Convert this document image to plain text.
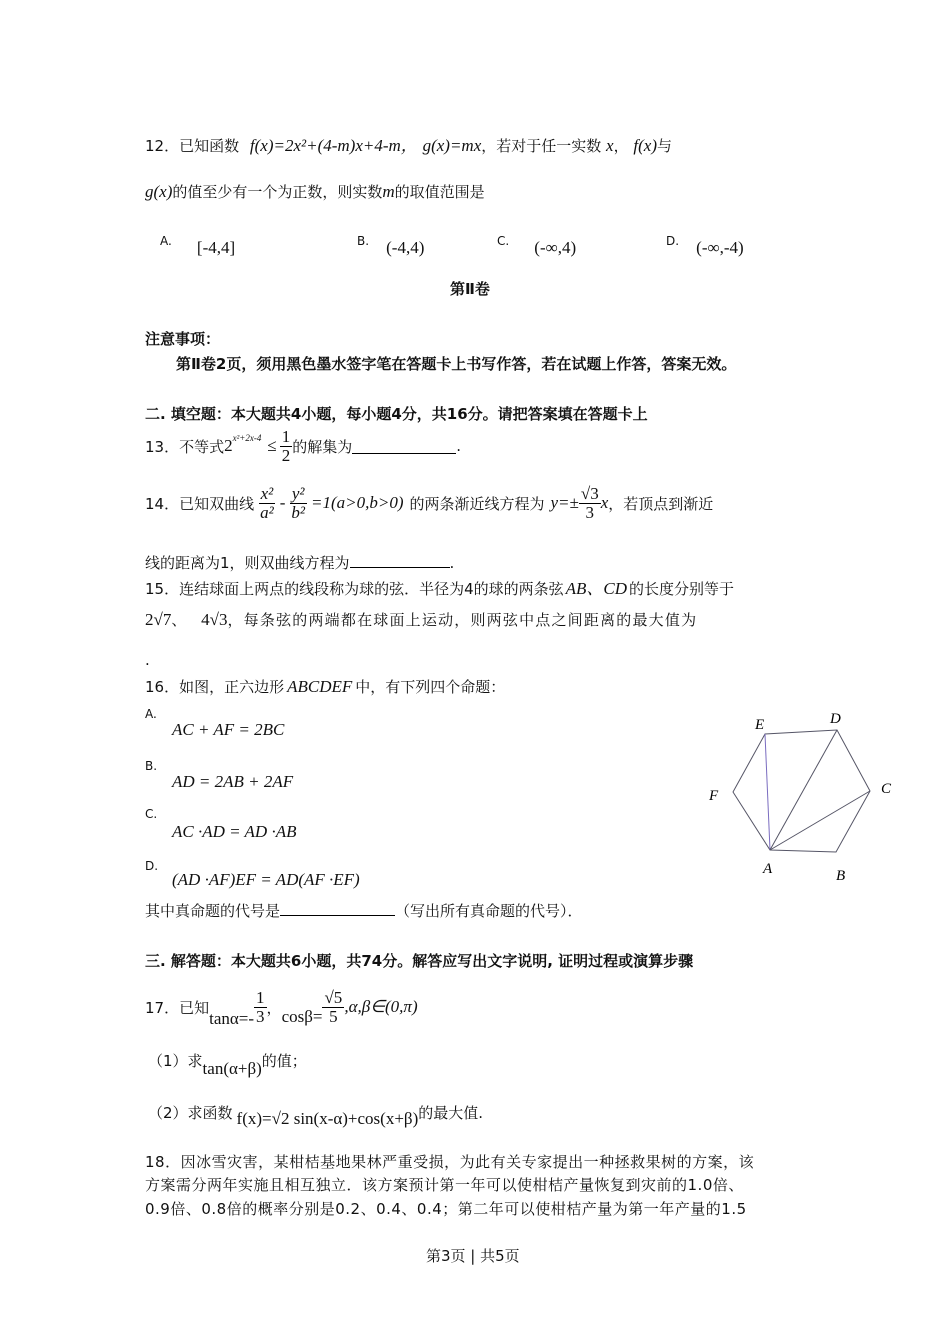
12．已知函数 f(x)=2x²+(4-m)x+4-m， g(x)=mx，若对于任一实数 x， f(x)与
g(x)的值至少有一个为正数，则实数m的取值范围是
A. [-4,4]	B. (-4,4)	C. (-∞,4)	D. (-∞,-4)
第Ⅱ卷
注意事项：
第Ⅱ卷2页，须用黑色墨水签字笔在答题卡上书写作答，若在试题上作答，答案无效。
二. 填空题：本大题共4小题，每小题4分，共16分。请把答案填在答题卡上
13． 不等式 $2^{x^2+2x-4} \le \frac{1}{2}$ 的解集为	.
14． 已知双曲线 $\frac{\text{x²}}{\text{a²}} - \frac{\text{y²}}{\text{b²}} =1(a>0,b>0)$ 的两条渐近线方程为 $y=\pm \frac{√3}{3}$ x ，若顶点到渐近
线的距离为1，则双曲线方程为	.
15．连结球面上两点的线段称为球的弦．半径为4的球的两条弦 AB、CD 的长度分别等于
2√7、 4√3，每条弦的两端都在球面上运动，则两弦中点之间距离的最大值为
.
16．如图，正六边形 ABCDEF 中，有下列四个命题：
A.
AC + AF = 2BC
B.
AD = 2AB + 2AF
C.
AC ·AD = AD ·AB
D.
(AD ·AF)EF = AD(AF ·EF)
其中真命题的代号是	（写出所有真命题的代号）．
A	B
C
D
E
F
三. 解答题：本大题共6小题，共74分。解答应写出文字说明, 证明过程或演算步骤
17． 已知
$\tan\alpha=- \frac{1}{3}$ ， $\cos\beta= \frac{√5}{5}$ ,α,β∈(0,π)
（1）求tan(α+β)的值；
（2）求函数 f(x)=√2 sin(x-α)+cos(x+β)的最大值.
18．因冰雪灾害，某柑桔基地果林严重受损，为此有关专家提出一种拯救果树的方案，该
方案需分两年实施且相互独立．该方案预计第一年可以使柑桔产量恢复到灾前的1.0倍、
0.9倍、0.8倍的概率分别是0.2、0.4、0.4；第二年可以使柑桔产量为第一年产量的1.5
第3页 | 共5页
